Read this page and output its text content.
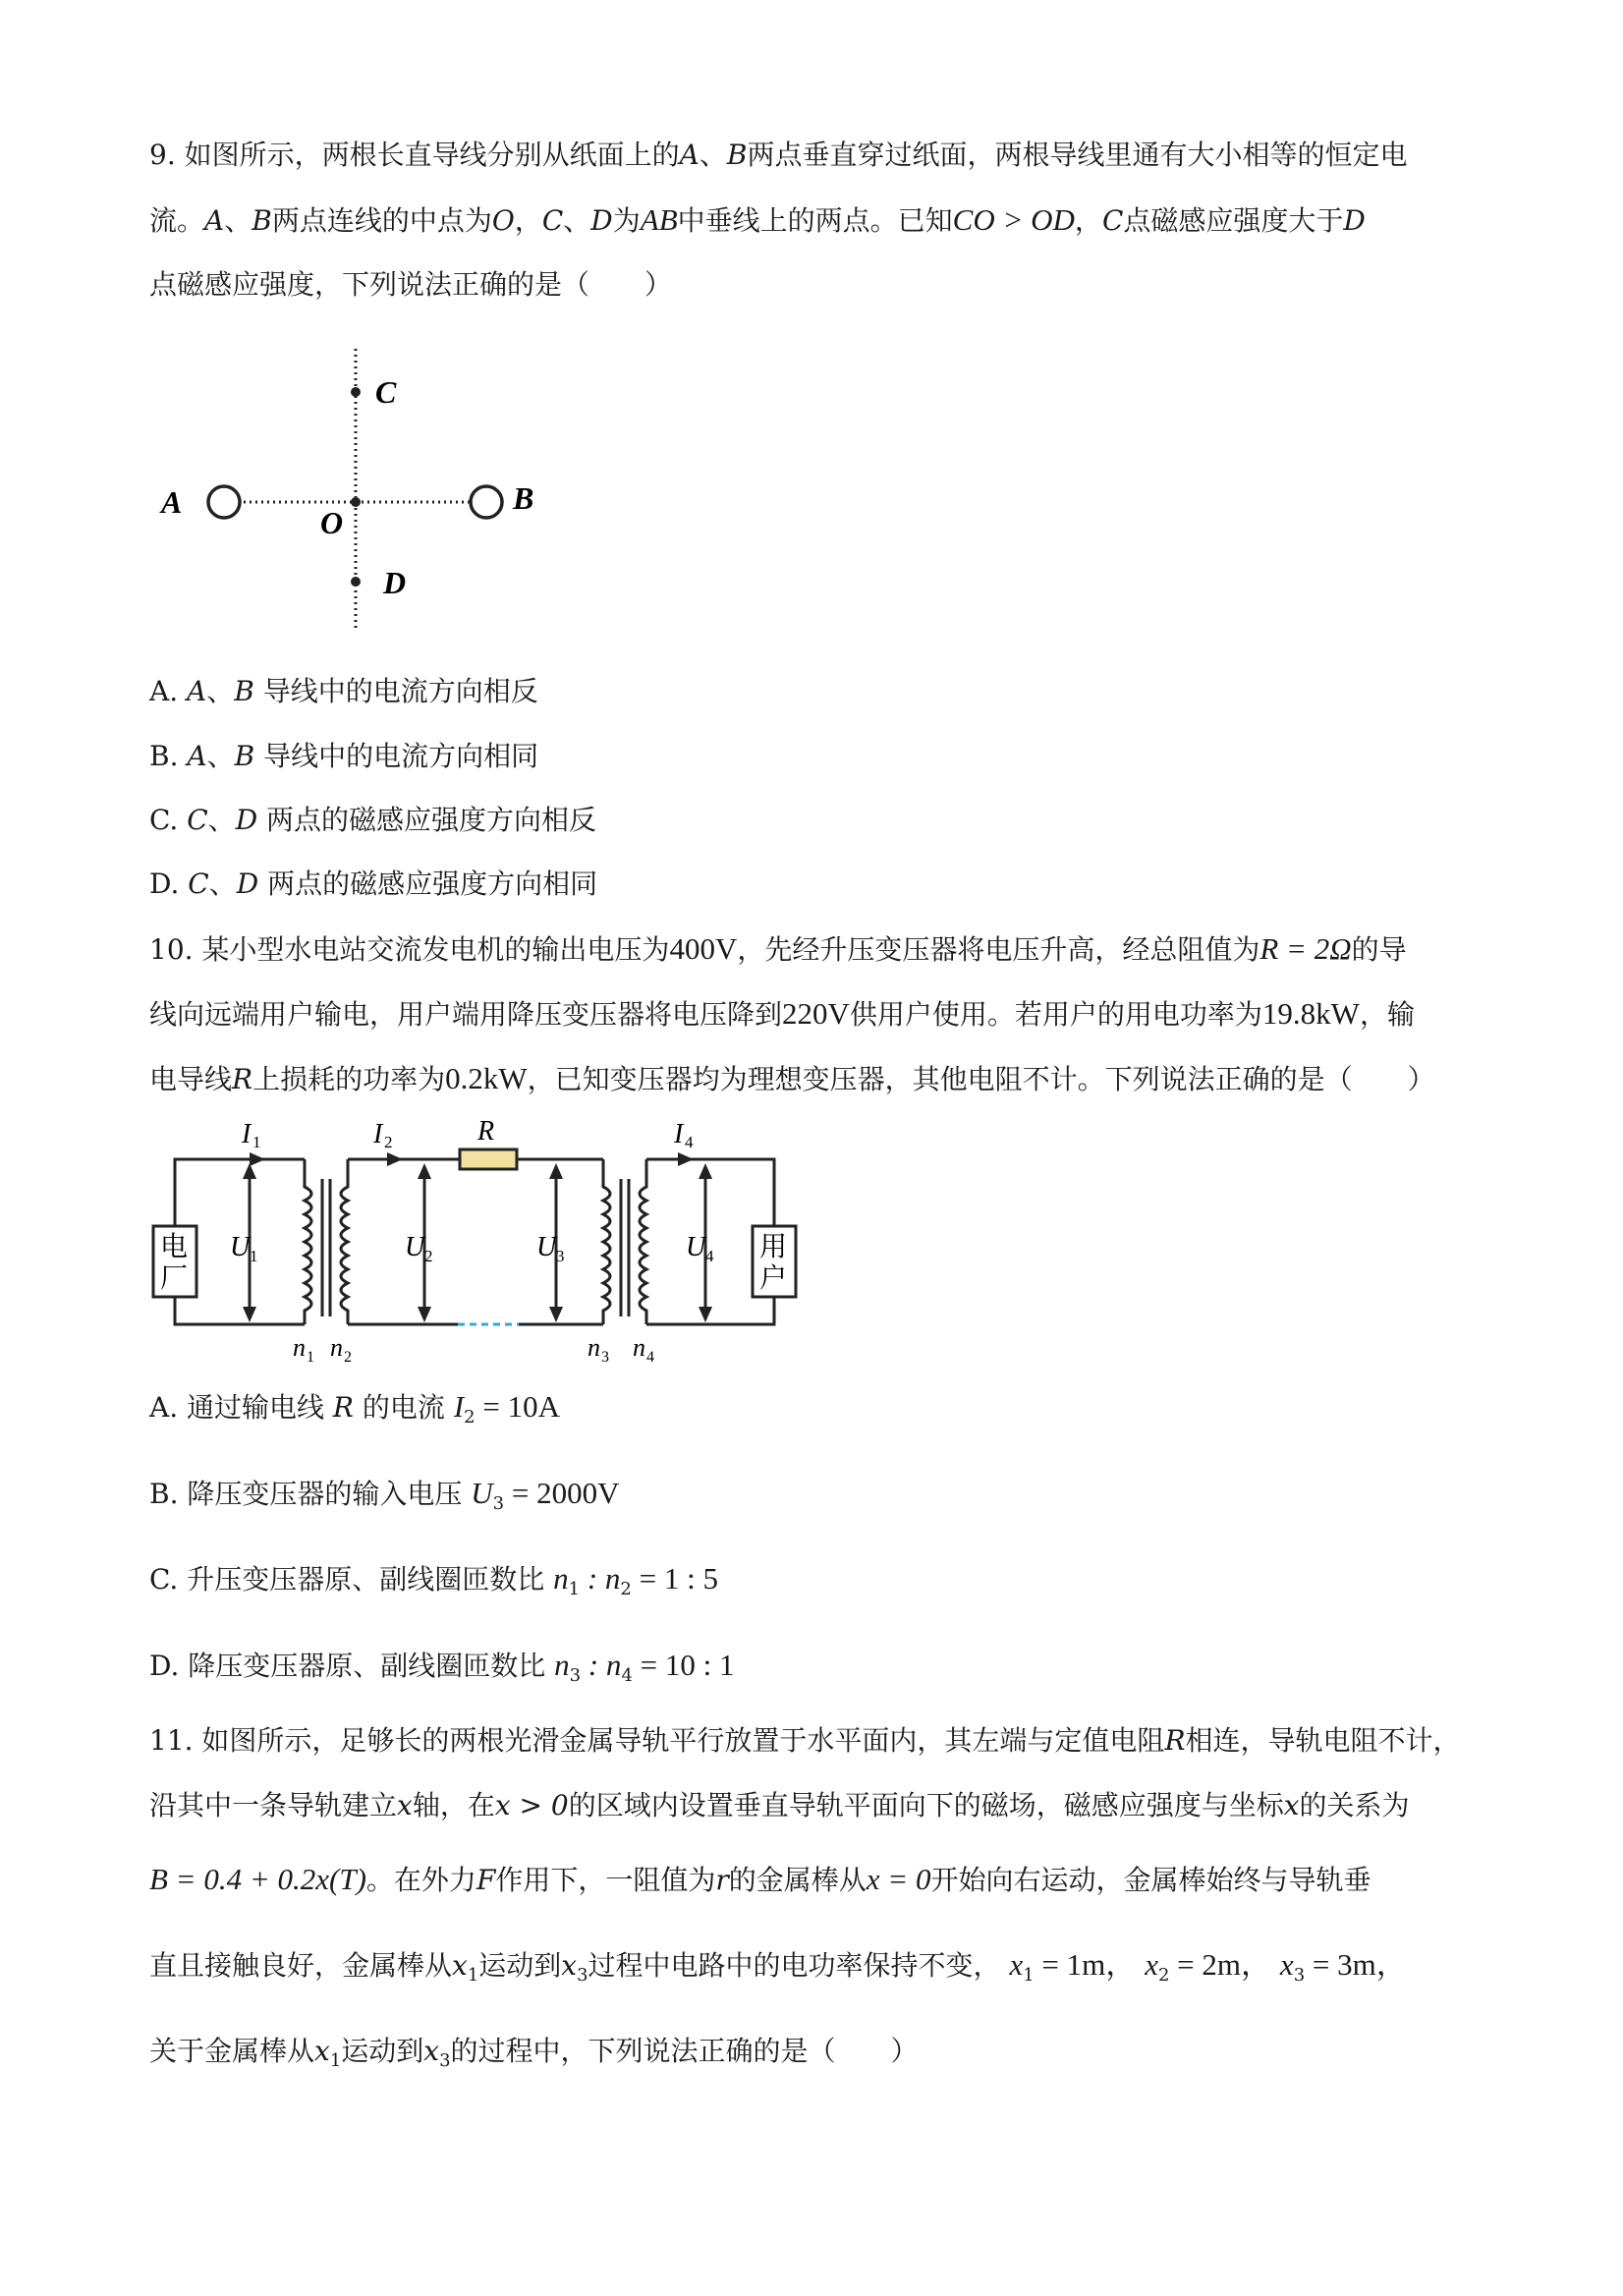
9. 如图所示，两根长直导线分别从纸面上的A、B两点垂直穿过纸面，两根导线里通有大小相等的恒定电
流。A、B两点连线的中点为O，C、D为AB中垂线上的两点。已知CO > OD，C点磁感应强度大于D
点磁感应强度，下列说法正确的是（　　）
C
A	B
O
D
A. A、B 导线中的电流方向相反
B. A、B 导线中的电流方向相同
C. C、D 两点的磁感应强度方向相反
D. C、D 两点的磁感应强度方向相同
10. 某小型水电站交流发电机的输出电压为400V，先经升压变压器将电压升高，经总阻值为R = 2Ω的导
线向远端用户输电，用户端用降压变压器将电压降到220V供用户使用。若用户的用电功率为19.8kW，输
电导线R上损耗的功率为0.2kW，已知变压器均为理想变压器，其他电阻不计。下列说法正确的是（　　）
电
厂
用
户
I 1	I 2	I 4
R
U 1	U 2	U 3	U 4
n 1 n 2	n 3 n 4
A. 通过输电线 R 的电流 $I_2 = 10A$
B. 降压变压器的输入电压 $U_3 = 2000V$
C. 升压变压器原、副线圈匝数比 $n_1$ : $n_2 = 1$ : 5
D. 降压变压器原、副线圈匝数比 $n_3$ : $n_4 = 10$ : 1
11. 如图所示，足够长的两根光滑金属导轨平行放置于水平面内，其左端与定值电阻R相连，导轨电阻不计，
沿其中一条导轨建立x轴，在x > 0的区域内设置垂直导轨平面向下的磁场，磁感应强度与坐标x的关系为
B = 0.4 + 0.2x(T)。在外力F作用下，一阻值为r的金属棒从x = 0开始向右运动，金属棒始终与导轨垂
直且接触良好，金属棒从$x_1$运动到$x_3$过程中电路中的电功率保持不变， $x_1 = 1m$， $x_2 = 2m$， $x_3 = 3m$，
关于金属棒从$x_1$运动到$x_3$的过程中，下列说法正确的是（　　）
